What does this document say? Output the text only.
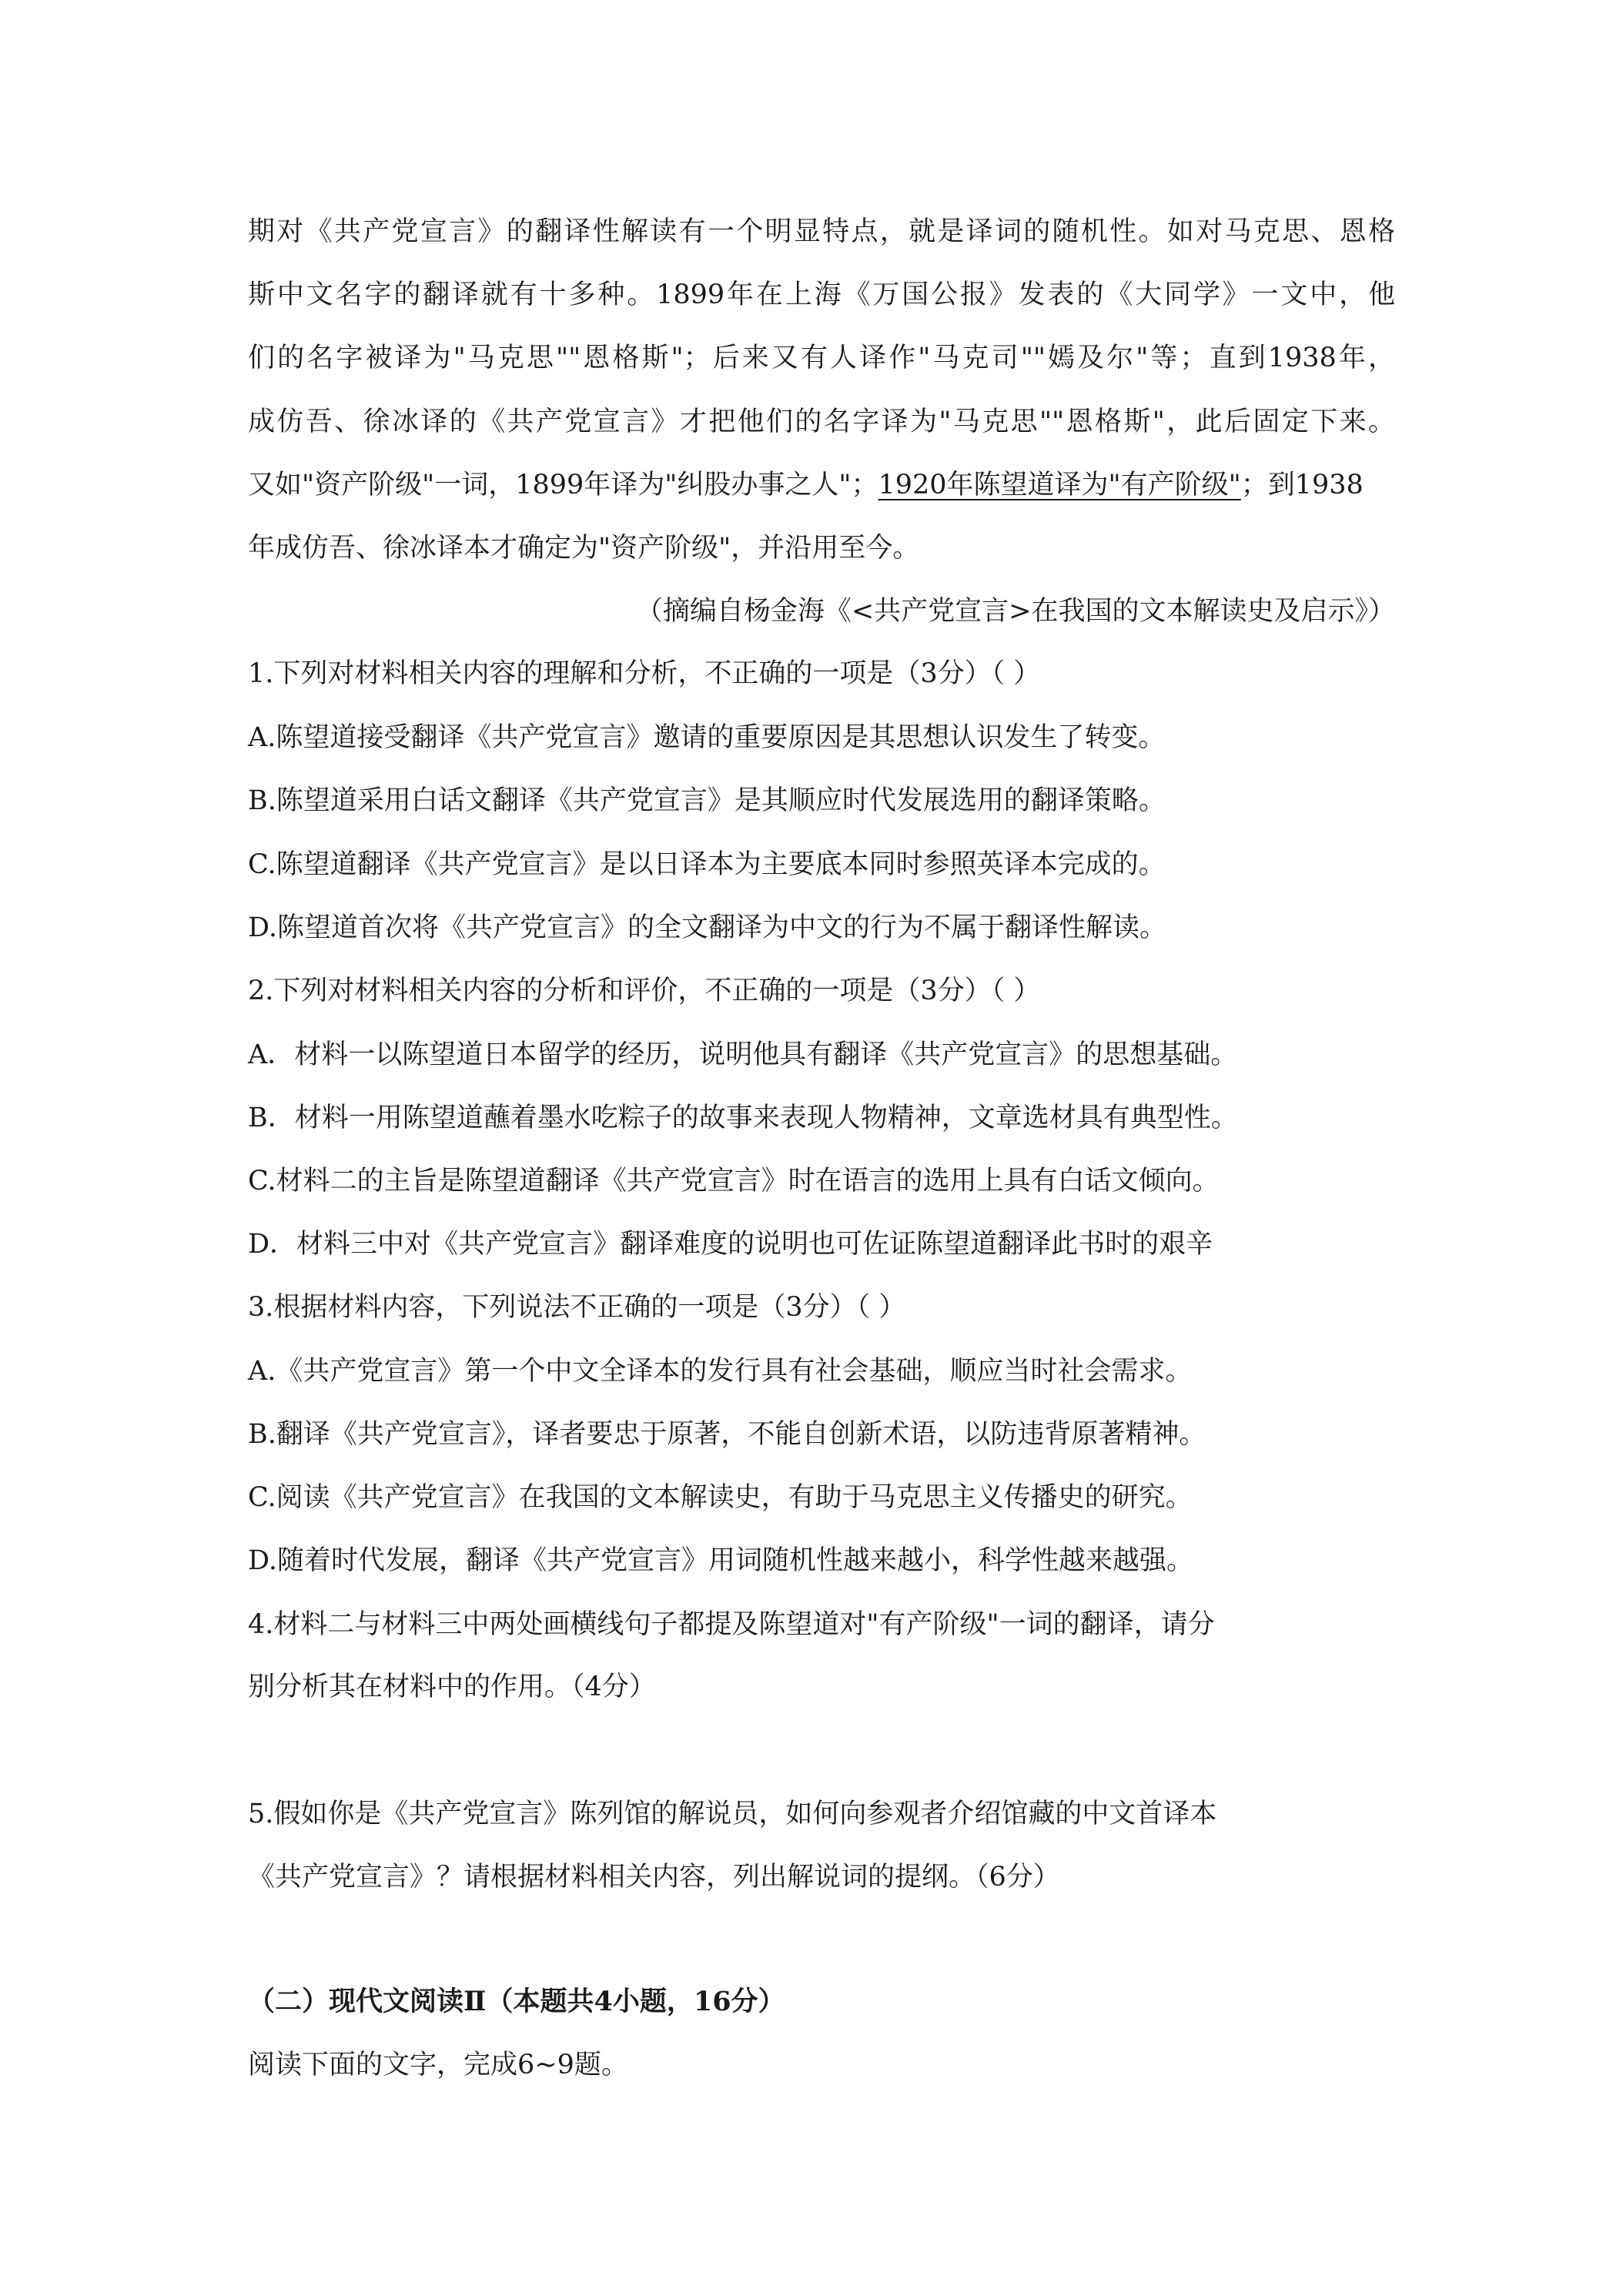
期对《共产党宣言》的翻译性解读有一个明显特点，就是译词的随机性。如对马克思、恩格
斯中文名字的翻译就有十多种。1899年在上海《万国公报》发表的《大同学》一文中，他
们的名字被译为"马克思""恩格斯"；后来又有人译作"马克司""嫣及尔"等；直到1938年，
成仿吾、徐冰译的《共产党宣言》才把他们的名字译为"马克思""恩格斯"，此后固定下来。
又如"资产阶级"一词，1899年译为"纠股办事之人"；1920年陈望道译为"有产阶级"；到1938
年成仿吾、徐冰译本才确定为"资产阶级"，并沿用至今。
（摘编自杨金海《<共产党宣言>在我国的文本解读史及启示》）
1.下列对材料相关内容的理解和分析，不正确的一项是（3分）（ ）
A.陈望道接受翻译《共产党宣言》邀请的重要原因是其思想认识发生了转变。
B.陈望道采用白话文翻译《共产党宣言》是其顺应时代发展选用的翻译策略。
C.陈望道翻译《共产党宣言》是以日译本为主要底本同时参照英译本完成的。
D.陈望道首次将《共产党宣言》的全文翻译为中文的行为不属于翻译性解读。
2.下列对材料相关内容的分析和评价，不正确的一项是（3分）（ ）
A．材料一以陈望道日本留学的经历，说明他具有翻译《共产党宣言》的思想基础。
B．材料一用陈望道蘸着墨水吃粽子的故事来表现人物精神，文章选材具有典型性。
C.材料二的主旨是陈望道翻译《共产党宣言》时在语言的选用上具有白话文倾向。
D．材料三中对《共产党宣言》翻译难度的说明也可佐证陈望道翻译此书时的艰辛
3.根据材料内容，下列说法不正确的一项是（3分）（ ）
A.《共产党宣言》第一个中文全译本的发行具有社会基础，顺应当时社会需求。
B.翻译《共产党宣言》，译者要忠于原著，不能自创新术语，以防违背原著精神。
C.阅读《共产党宣言》在我国的文本解读史，有助于马克思主义传播史的研究。
D.随着时代发展，翻译《共产党宣言》用词随机性越来越小，科学性越来越强。
4.材料二与材料三中两处画横线句子都提及陈望道对"有产阶级"一词的翻译，请分
别分析其在材料中的作用。（4分）
5.假如你是《共产党宣言》陈列馆的解说员，如何向参观者介绍馆藏的中文首译本
《共产党宣言》？请根据材料相关内容，列出解说词的提纲。（6分）
（二）现代文阅读Ⅱ（本题共4小题，16分）
阅读下面的文字，完成6~9题。
